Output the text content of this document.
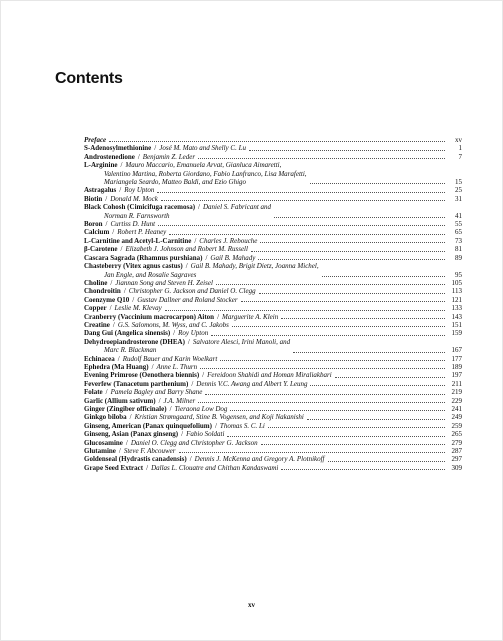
Contents
Preface	xv
S-Adenosylmethionine / José M. Mato and Shelly C. Lu	1
Androstenedione / Benjamin Z. Leder	7
L-Arginine / Mauro Maccario, Emanuela Arvat, Gianluca Aimaretti,
Valentino Martina, Roberta Giordano, Fabio Lanfranco, Lisa Marafetti,
Mariangela Seardo, Matteo Baldi, and Ezio Ghigo	15
Astragalus / Roy Upton	25
Biotin / Donald M. Mock	31
Black Cohosh (Cimicifuga racemosa) / Daniel S. Fabricant and
Norman R. Farnsworth	41
Boron / Curtiss D. Hunt	55
Calcium / Robert P. Heaney	65
L-Carnitine and Acetyl-L-Carnitine / Charles J. Rebouche	73
β-Carotene / Elizabeth J. Johnson and Robert M. Russell	81
Cascara Sagrada (Rhamnus purshiana) / Gail B. Mahady	89
Chasteberry (Vitex agnus castus) / Gail B. Mahady, Brigit Dietz, Joanna Michel,
Jan Engle, and Rosalie Sagraves	95
Choline / Jiannan Song and Steven H. Zeisel	105
Chondroitin / Christopher G. Jackson and Daniel O. Clegg	113
Coenzyme Q10 / Gustav Dallner and Roland Stocker	121
Copper / Leslie M. Klevay	133
Cranberry (Vaccinium macrocarpon) Aiton / Marguerite A. Klein	143
Creatine / G.S. Salomons, M. Wyss, and C. Jakobs	151
Dang Gui (Angelica sinensis) / Roy Upton	159
Dehydroepiandrosterone (DHEA) / Salvatore Alesci, Irini Manoli, and
Marc R. Blackman	167
Echinacea / Rudolf Bauer and Karin Woelkart	177
Ephedra (Ma Huang) / Anne L. Thurn	189
Evening Primrose (Oenothera biennis) / Fereidoon Shahidi and Homan Miraliakbari	197
Feverfew (Tanacetum parthenium) / Dennis V.C. Awang and Albert Y. Leung	211
Folate / Pamela Bagley and Barry Shane	219
Garlic (Allium sativum) / J.A. Milner	229
Ginger (Zingiber officinale) / Tieraona Low Dog	241
Ginkgo biloba / Kristian Strømgaard, Stine B. Vogensen, and Koji Nakanishi	249
Ginseng, American (Panax quinquefolium) / Thomas S. C. Li	259
Ginseng, Asian (Panax ginseng) / Fabio Soldati	265
Glucosamine / Daniel O. Clegg and Christopher G. Jackson	279
Glutamine / Steve F. Abcouwer	287
Goldenseal (Hydrastis canadensis) / Dennis J. McKenna and Gregory A. Plotnikoff	297
Grape Seed Extract / Dallas L. Clouatre and Chithan Kandaswami	309
xv
